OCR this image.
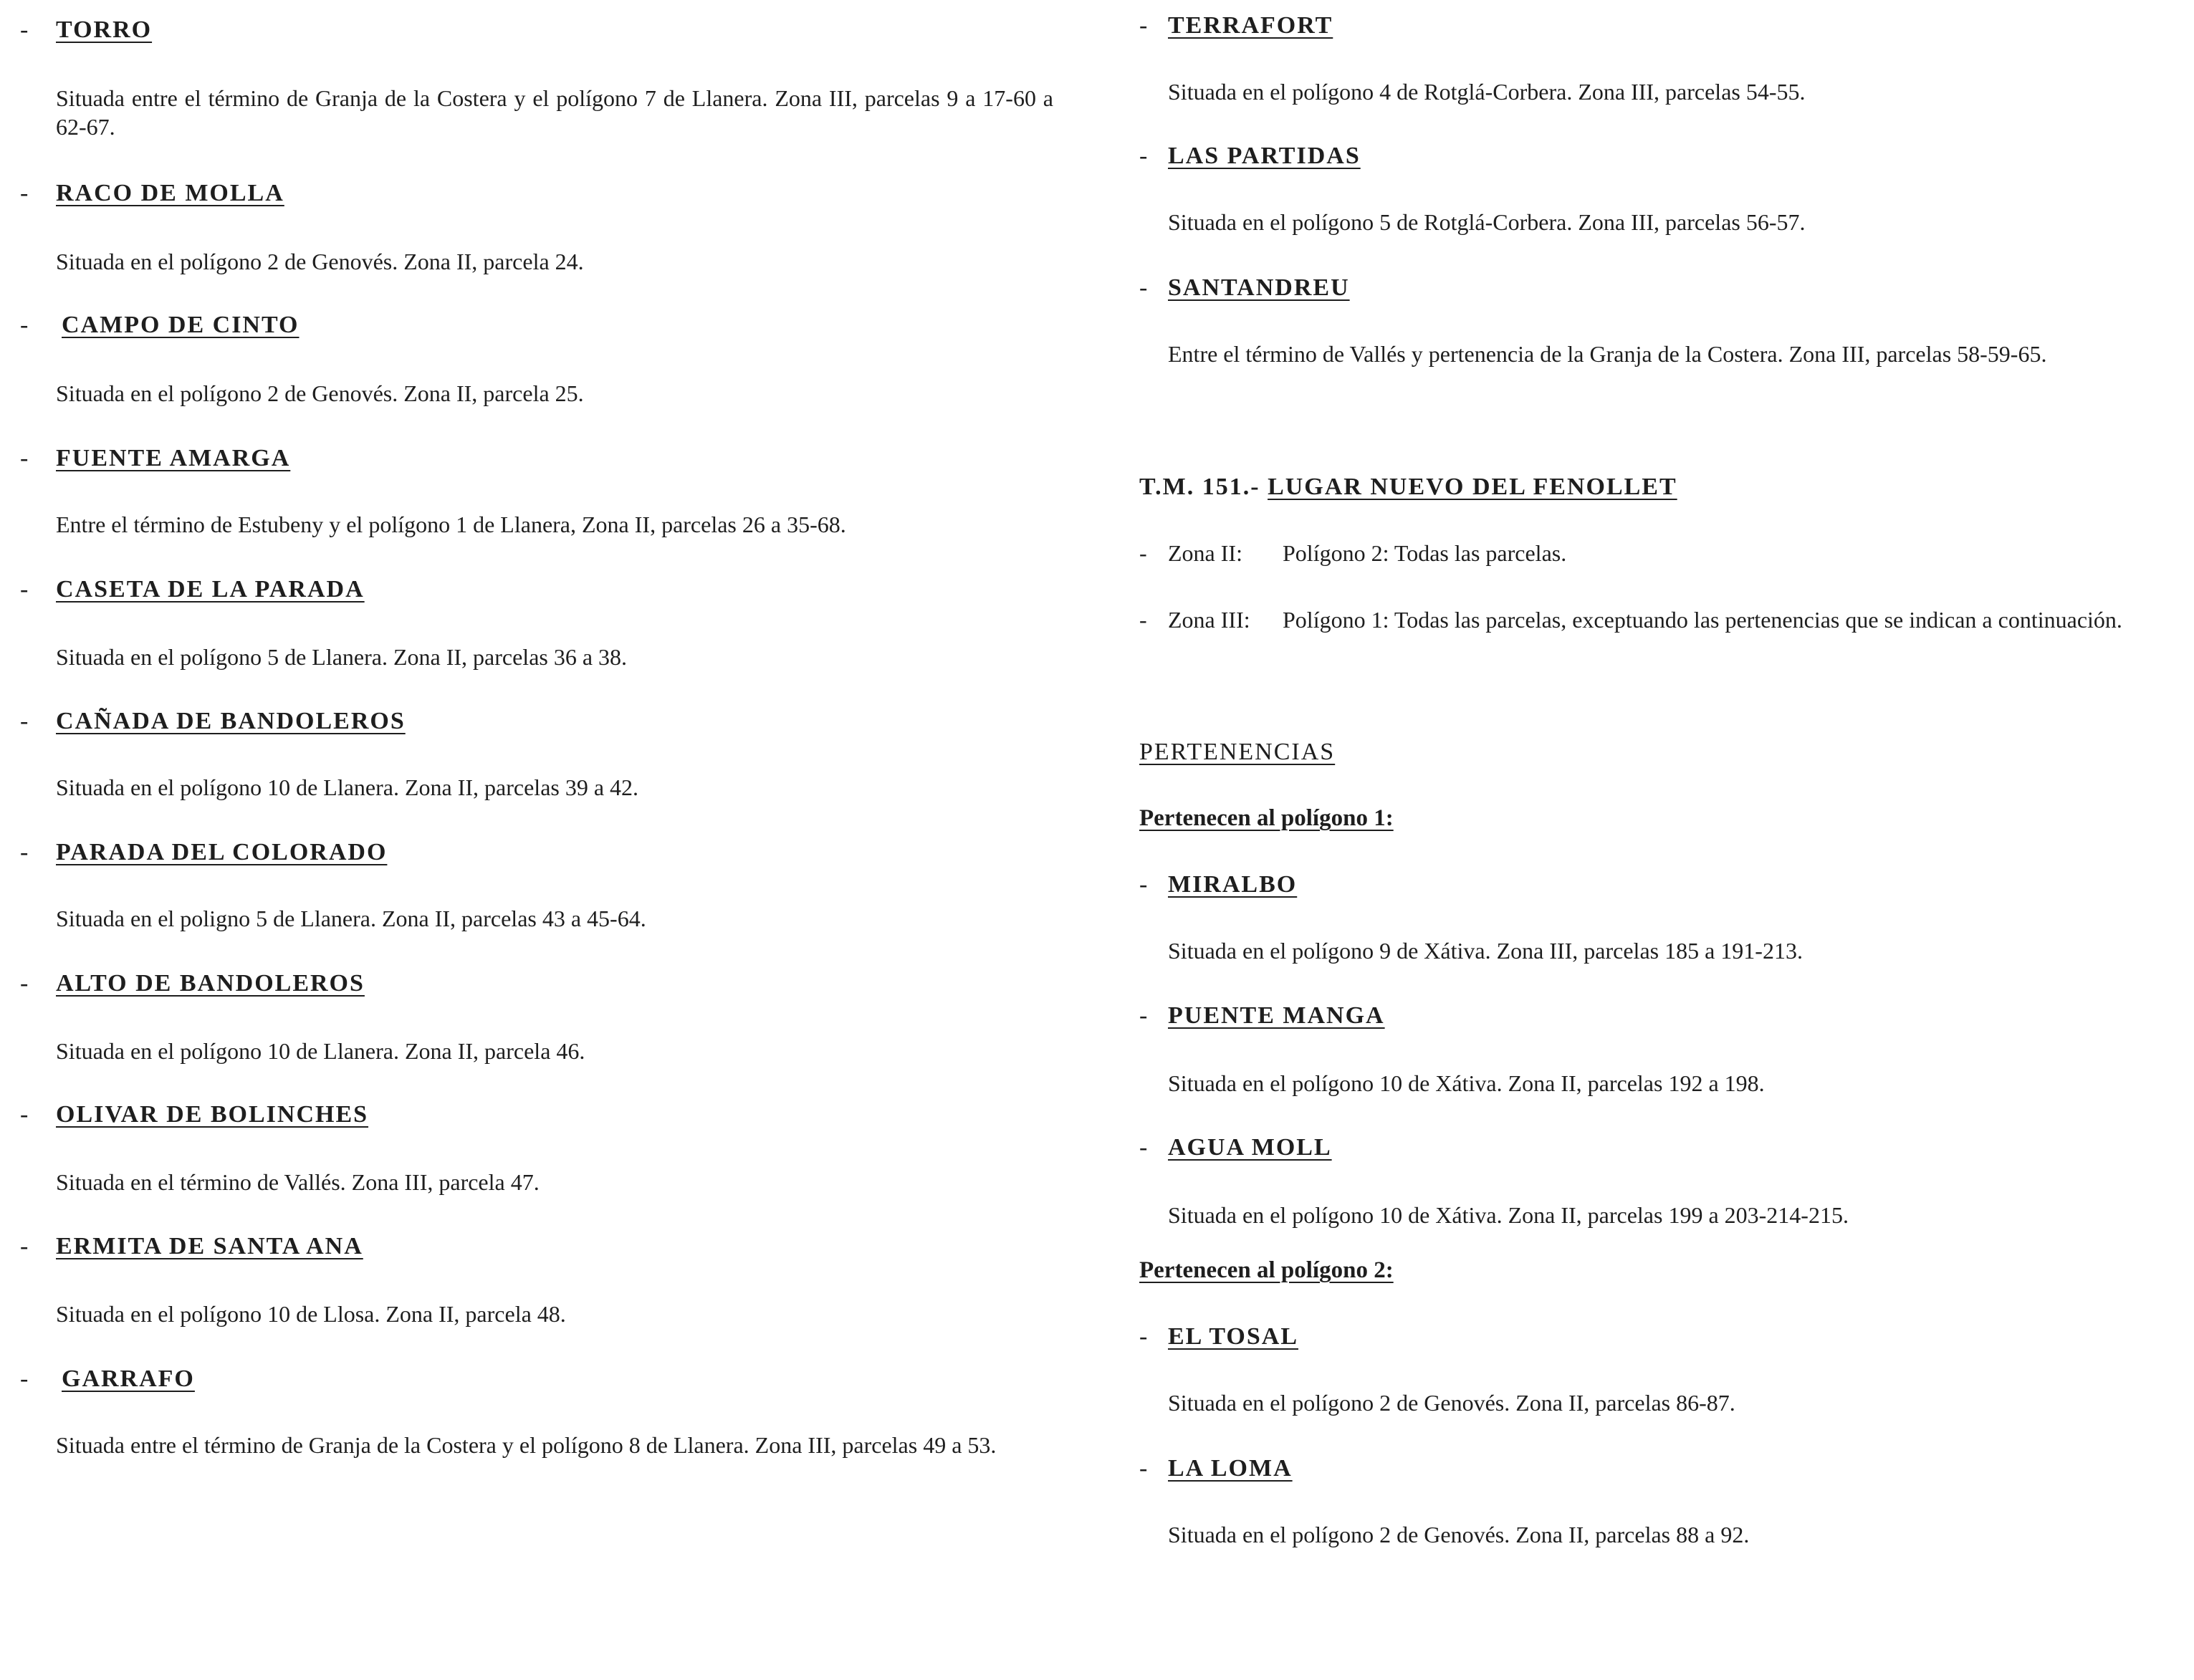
- TORRO
Situada entre el término de Granja de la Costera y el polígono 7 de Llanera. Zona III, parcelas 9 a 17-60 a 62-67.
- RACO DE MOLLA
Situada en el polígono 2 de Genovés. Zona II, parcela 24.
- CAMPO DE CINTO
Situada en el polígono 2 de Genovés. Zona II, parcela 25.
- FUENTE AMARGA
Entre el término de Estubeny y el polígono 1 de Llanera, Zona II, parcelas 26 a 35-68.
- CASETA DE LA PARADA
Situada en el polígono 5 de Llanera. Zona II, parcelas 36 a 38.
- CAÑADA DE BANDOLEROS
Situada en el polígono 10 de Llanera. Zona II, parcelas 39 a 42.
- PARADA DEL COLORADO
Situada en el poligno 5 de Llanera. Zona II, parcelas 43 a 45-64.
- ALTO DE BANDOLEROS
Situada en el polígono 10 de Llanera. Zona II, parcela 46.
- OLIVAR DE BOLINCHES
Situada en el término de Vallés. Zona III, parcela 47.
- ERMITA DE SANTA ANA
Situada en el polígono 10 de Llosa. Zona II, parcela 48.
- GARRAFO
Situada entre el término de Granja de la Costera y el polígono 8 de Llanera. Zona III, parcelas 49 a 53.
- TERRAFORT
Situada en el polígono 4 de Rotglá-Corbera. Zona III, parcelas 54-55.
- LAS PARTIDAS
Situada en el polígono 5 de Rotglá-Corbera. Zona III, parcelas 56-57.
- SANTANDREU
Entre el término de Vallés y pertenencia de la Granja de la Costera. Zona III, parcelas 58-59-65.
T.M. 151.- LUGAR NUEVO DEL FENOLLET
- Zona II:	Polígono 2: Todas las parcelas.
- Zona III:	Polígono 1: Todas las parcelas, exceptuando las pertenencias que se indican a continuación.
PERTENENCIAS
Pertenecen al polígono 1:
- MIRALBO
Situada en el polígono 9 de Xátiva. Zona III, parcelas 185 a 191-213.
- PUENTE MANGA
Situada en el polígono 10 de Xátiva. Zona II, parcelas 192 a 198.
- AGUA MOLL
Situada en el polígono 10 de Xátiva. Zona II, parcelas 199 a 203-214-215.
Pertenecen al polígono 2:
- EL TOSAL
Situada en el polígono 2 de Genovés. Zona II, parcelas 86-87.
- LA LOMA
Situada en el polígono 2 de Genovés. Zona II, parcelas 88 a 92.
